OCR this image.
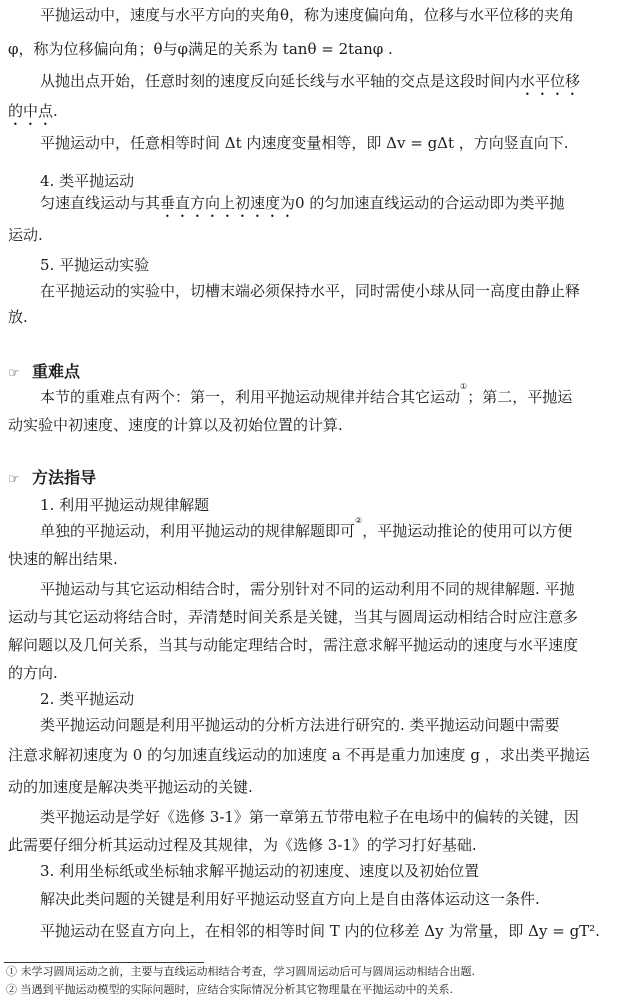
平抛运动中，速度与水平方向的夹角θ，称为速度偏向角，位移与水平位移的夹角

φ，称为位移偏向角；θ与φ满足的关系为 tanθ = 2tanφ .

从抛出点开始，任意时刻的速度反向延长线与水平轴的交点是这段时间内水平位移

的中点.

平抛运动中，任意相等时间 Δt 内速度变量相等，即 Δv = gΔt ，方向竖直向下.

4. 类平抛运动

匀速直线运动与其垂直方向上初速度为0 的匀加速直线运动的合运动即为类平抛

运动.

5. 平抛运动实验

在平抛运动的实验中，切槽末端必须保持水平，同时需使小球从同一高度由静止释

放.

☞ 重难点

本节的重难点有两个：第一，利用平抛运动规律并结合其它运动①；第二，平抛运

动实验中初速度、速度的计算以及初始位置的计算.

☞ 方法指导

1. 利用平抛运动规律解题

单独的平抛运动，利用平抛运动的规律解题即可②，平抛运动推论的使用可以方便

快速的解出结果.

平抛运动与其它运动相结合时，需分别针对不同的运动利用不同的规律解题. 平抛

运动与其它运动将结合时，弄清楚时间关系是关键，当其与圆周运动相结合时应注意多

解问题以及几何关系，当其与动能定理结合时，需注意求解平抛运动的速度与水平速度

的方向.

2. 类平抛运动

类平抛运动问题是利用平抛运动的分析方法进行研究的. 类平抛运动问题中需要

注意求解初速度为 0 的匀加速直线运动的加速度 a 不再是重力加速度 g ，求出类平抛运

动的加速度是解决类平抛运动的关键.

类平抛运动是学好《选修 3-1》第一章第五节带电粒子在电场中的偏转的关键，因

此需要仔细分析其运动过程及其规律，为《选修 3-1》的学习打好基础.

3. 利用坐标纸或坐标轴求解平抛运动的初速度、速度以及初始位置

解决此类问题的关键是利用好平抛运动竖直方向上是自由落体运动这一条件.

平抛运动在竖直方向上，在相邻的相等时间 T 内的位移差 Δy 为常量，即 Δy = gT².

① 未学习圆周运动之前，主要与直线运动相结合考查，学习圆周运动后可与圆周运动相结合出题.
② 当遇到平抛运动模型的实际问题时，应结合实际情况分析其它物理量在平抛运动中的关系.
